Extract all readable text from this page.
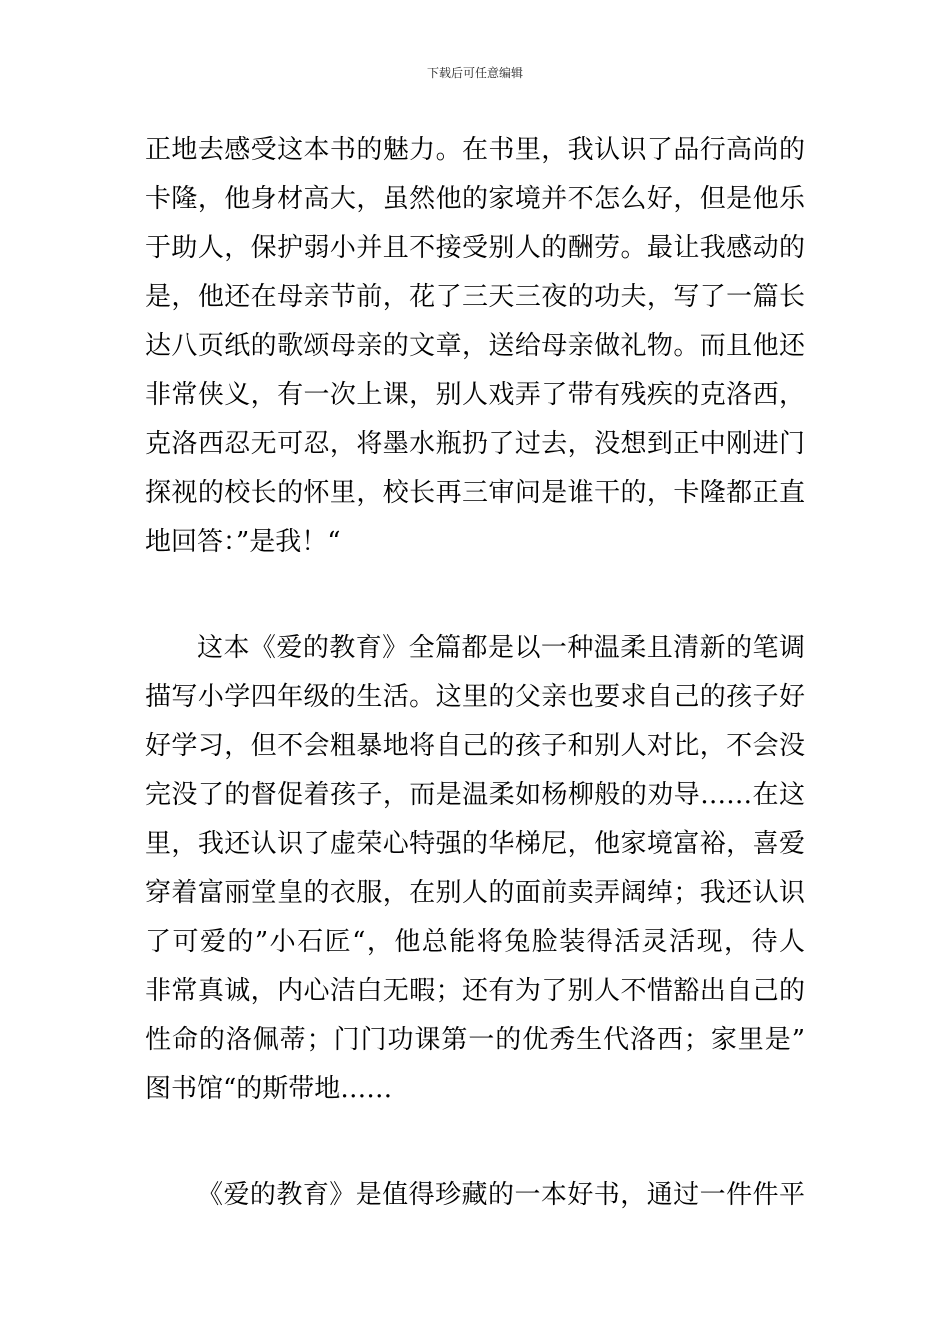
下载后可任意编辑
正地去感受这本书的魅力。在书里，我认识了品行高尚的
卡隆，他身材高大，虽然他的家境并不怎么好，但是他乐
于助人，保护弱小并且不接受别人的酬劳。最让我感动的
是，他还在母亲节前，花了三天三夜的功夫，写了一篇长
达八页纸的歌颂母亲的文章，送给母亲做礼物。而且他还
非常侠义，有一次上课，别人戏弄了带有残疾的克洛西，
克洛西忍无可忍，将墨水瓶扔了过去，没想到正中刚进门
探视的校长的怀里，校长再三审问是谁干的，卡隆都正直
地回答：”是我！“
这本《爱的教育》全篇都是以一种温柔且清新的笔调
描写小学四年级的生活。这里的父亲也要求自己的孩子好
好学习，但不会粗暴地将自己的孩子和别人对比，不会没
完没了的督促着孩子，而是温柔如杨柳般的劝导……在这
里，我还认识了虚荣心特强的华梯尼，他家境富裕，喜爱
穿着富丽堂皇的衣服，在别人的面前卖弄阔绰；我还认识
了可爱的”小石匠“，他总能将兔脸装得活灵活现，待人
非常真诚，内心洁白无暇；还有为了别人不惜豁出自己的
性命的洛佩蒂；门门功课第一的优秀生代洛西；家里是”
图书馆“的斯带地……
《爱的教育》是值得珍藏的一本好书，通过一件件平
